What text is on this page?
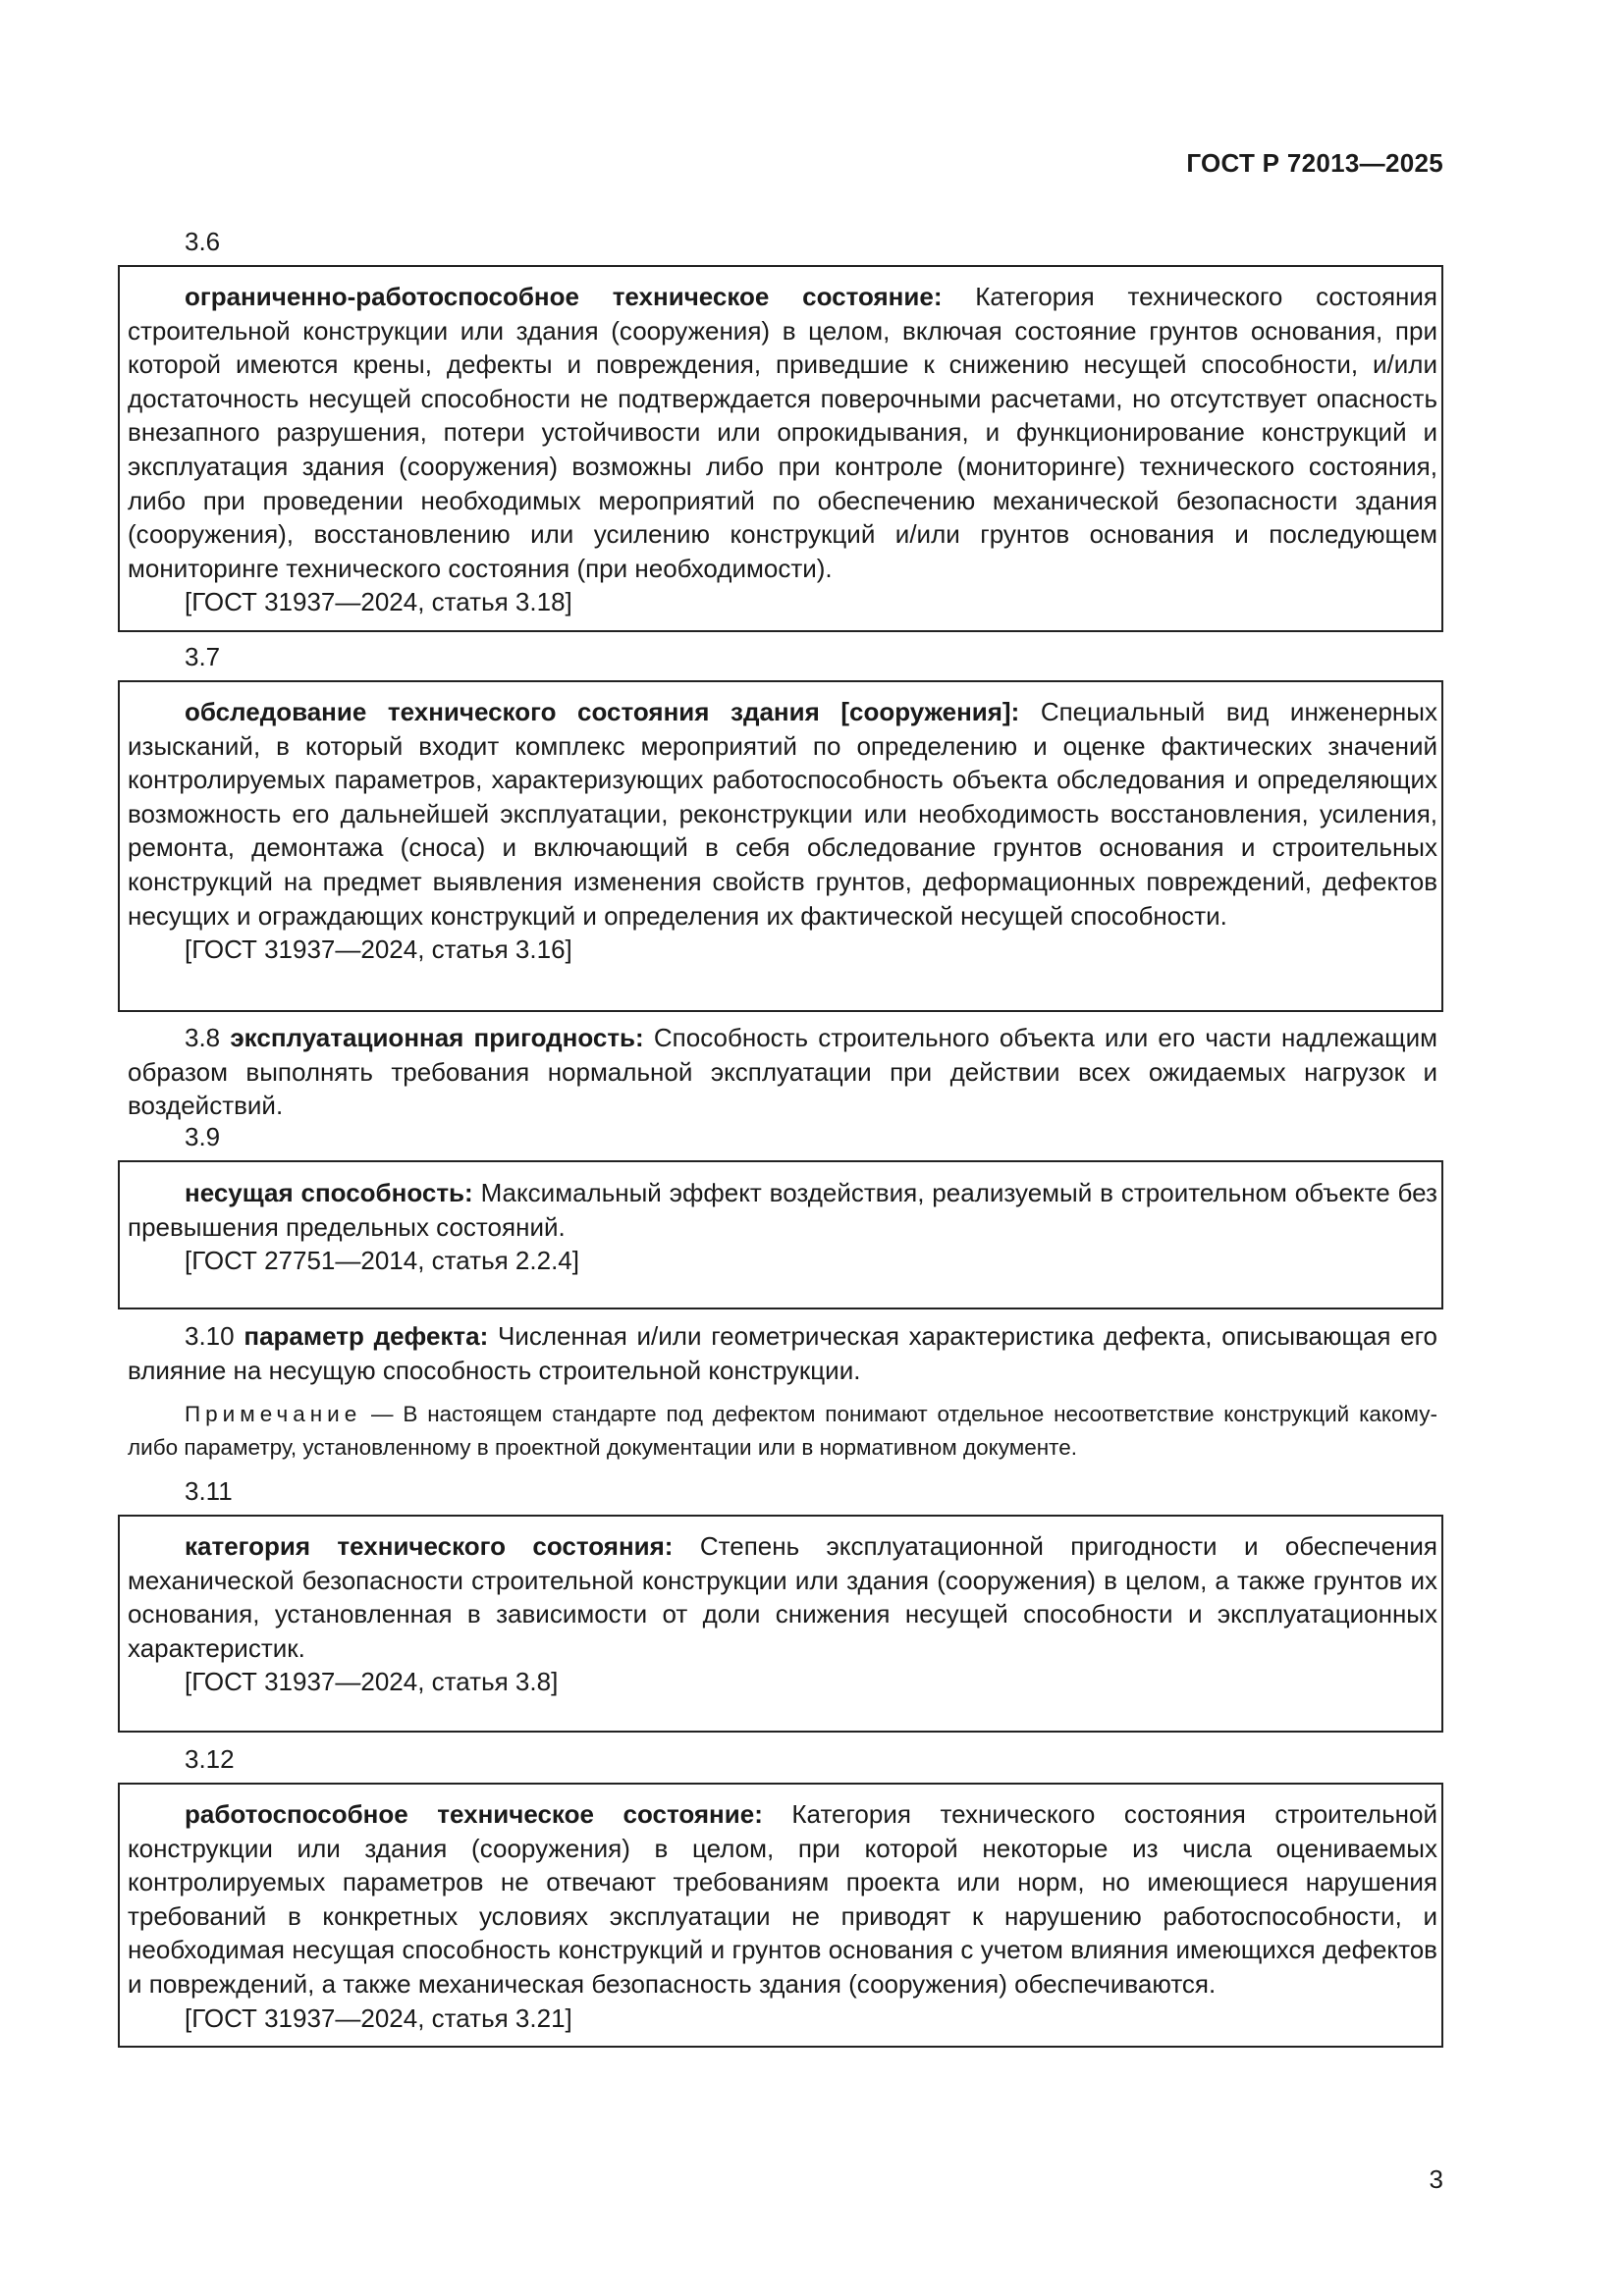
ГОСТ Р 72013—2025
3.6
ограниченно-работоспособное техническое состояние: Категория технического состояния строительной конструкции или здания (сооружения) в целом, включая состояние грунтов основания, при которой имеются крены, дефекты и повреждения, приведшие к снижению несущей способности, и/или достаточность несущей способности не подтверждается поверочными расчетами, но отсутствует опасность внезапного разрушения, потери устойчивости или опрокидывания, и функционирование конструкций и эксплуатация здания (сооружения) возможны либо при контроле (мониторинге) технического состояния, либо при проведении необходимых мероприятий по обеспечению механической безопасности здания (сооружения), восстановлению или усилению конструкций и/или грунтов основания и последующем мониторинге технического состояния (при необходимости).
[ГОСТ 31937—2024, статья 3.18]
3.7
обследование технического состояния здания [сооружения]: Специальный вид инженерных изысканий, в который входит комплекс мероприятий по определению и оценке фактических значений контролируемых параметров, характеризующих работоспособность объекта обследования и определяющих возможность его дальнейшей эксплуатации, реконструкции или необходимость восстановления, усиления, ремонта, демонтажа (сноса) и включающий в себя обследование грунтов основания и строительных конструкций на предмет выявления изменения свойств грунтов, деформационных повреждений, дефектов несущих и ограждающих конструкций и определения их фактической несущей способности.
[ГОСТ 31937—2024, статья 3.16]
3.8 эксплуатационная пригодность: Способность строительного объекта или его части надлежащим образом выполнять требования нормальной эксплуатации при действии всех ожидаемых нагрузок и воздействий.
3.9
несущая способность: Максимальный эффект воздействия, реализуемый в строительном объекте без превышения предельных состояний.
[ГОСТ 27751—2014, статья 2.2.4]
3.10 параметр дефекта: Численная и/или геометрическая характеристика дефекта, описывающая его влияние на несущую способность строительной конструкции.
Примечание — В настоящем стандарте под дефектом понимают отдельное несоответствие конструкций какому-либо параметру, установленному в проектной документации или в нормативном документе.
3.11
категория технического состояния: Степень эксплуатационной пригодности и обеспечения механической безопасности строительной конструкции или здания (сооружения) в целом, а также грунтов их основания, установленная в зависимости от доли снижения несущей способности и эксплуатационных характеристик.
[ГОСТ 31937—2024, статья 3.8]
3.12
работоспособное техническое состояние: Категория технического состояния строительной конструкции или здания (сооружения) в целом, при которой некоторые из числа оцениваемых контролируемых параметров не отвечают требованиям проекта или норм, но имеющиеся нарушения требований в конкретных условиях эксплуатации не приводят к нарушению работоспособности, и необходимая несущая способность конструкций и грунтов основания с учетом влияния имеющихся дефектов и повреждений, а также механическая безопасность здания (сооружения) обеспечиваются.
[ГОСТ 31937—2024, статья 3.21]
3
